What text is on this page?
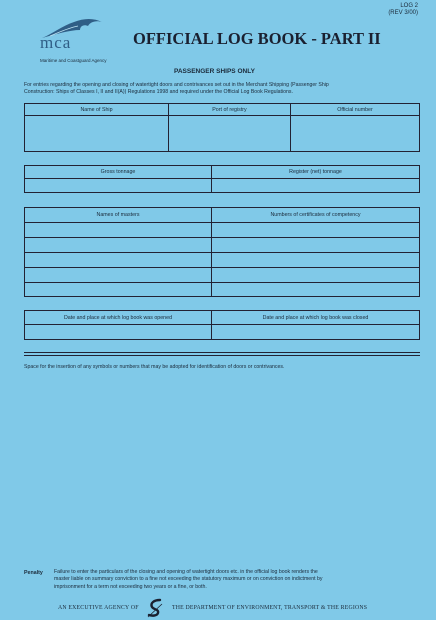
mca
Maritime and Coastguard Agency
LOG 2
(REV 3/00)
OFFICIAL LOG BOOK - PART II
PASSENGER SHIPS ONLY
For entries regarding the opening and closing of watertight doors and contrivances set out in the Merchant Shipping (Passenger Ship
Construction: Ships of Classes I, II and II(A)) Regulations 1998 and required under the Official Log Book Regulations.
Name of Ship	Port of registry	Official number
Gross tonnage	Register (net) tonnage
Names of masters	Numbers of certificates of competency
Date and place at which log book was opened	Date and place at which log book was closed
Space for the insertion of any symbols or numbers that may be adopted for identification of doors or contrivances.
Penalty Failure to enter the particulars of the closing and opening of watertight doors etc. in the official log book renders the
master liable on summary conviction to a fine not exceeding the statutory maximum or on conviction on indictment by
imprisonment for a term not exceeding two years or a fine, or both.
AN EXECUTIVE AGENCY OF	THE DEPARTMENT OF ENVIRONMENT, TRANSPORT & THE REGIONS
